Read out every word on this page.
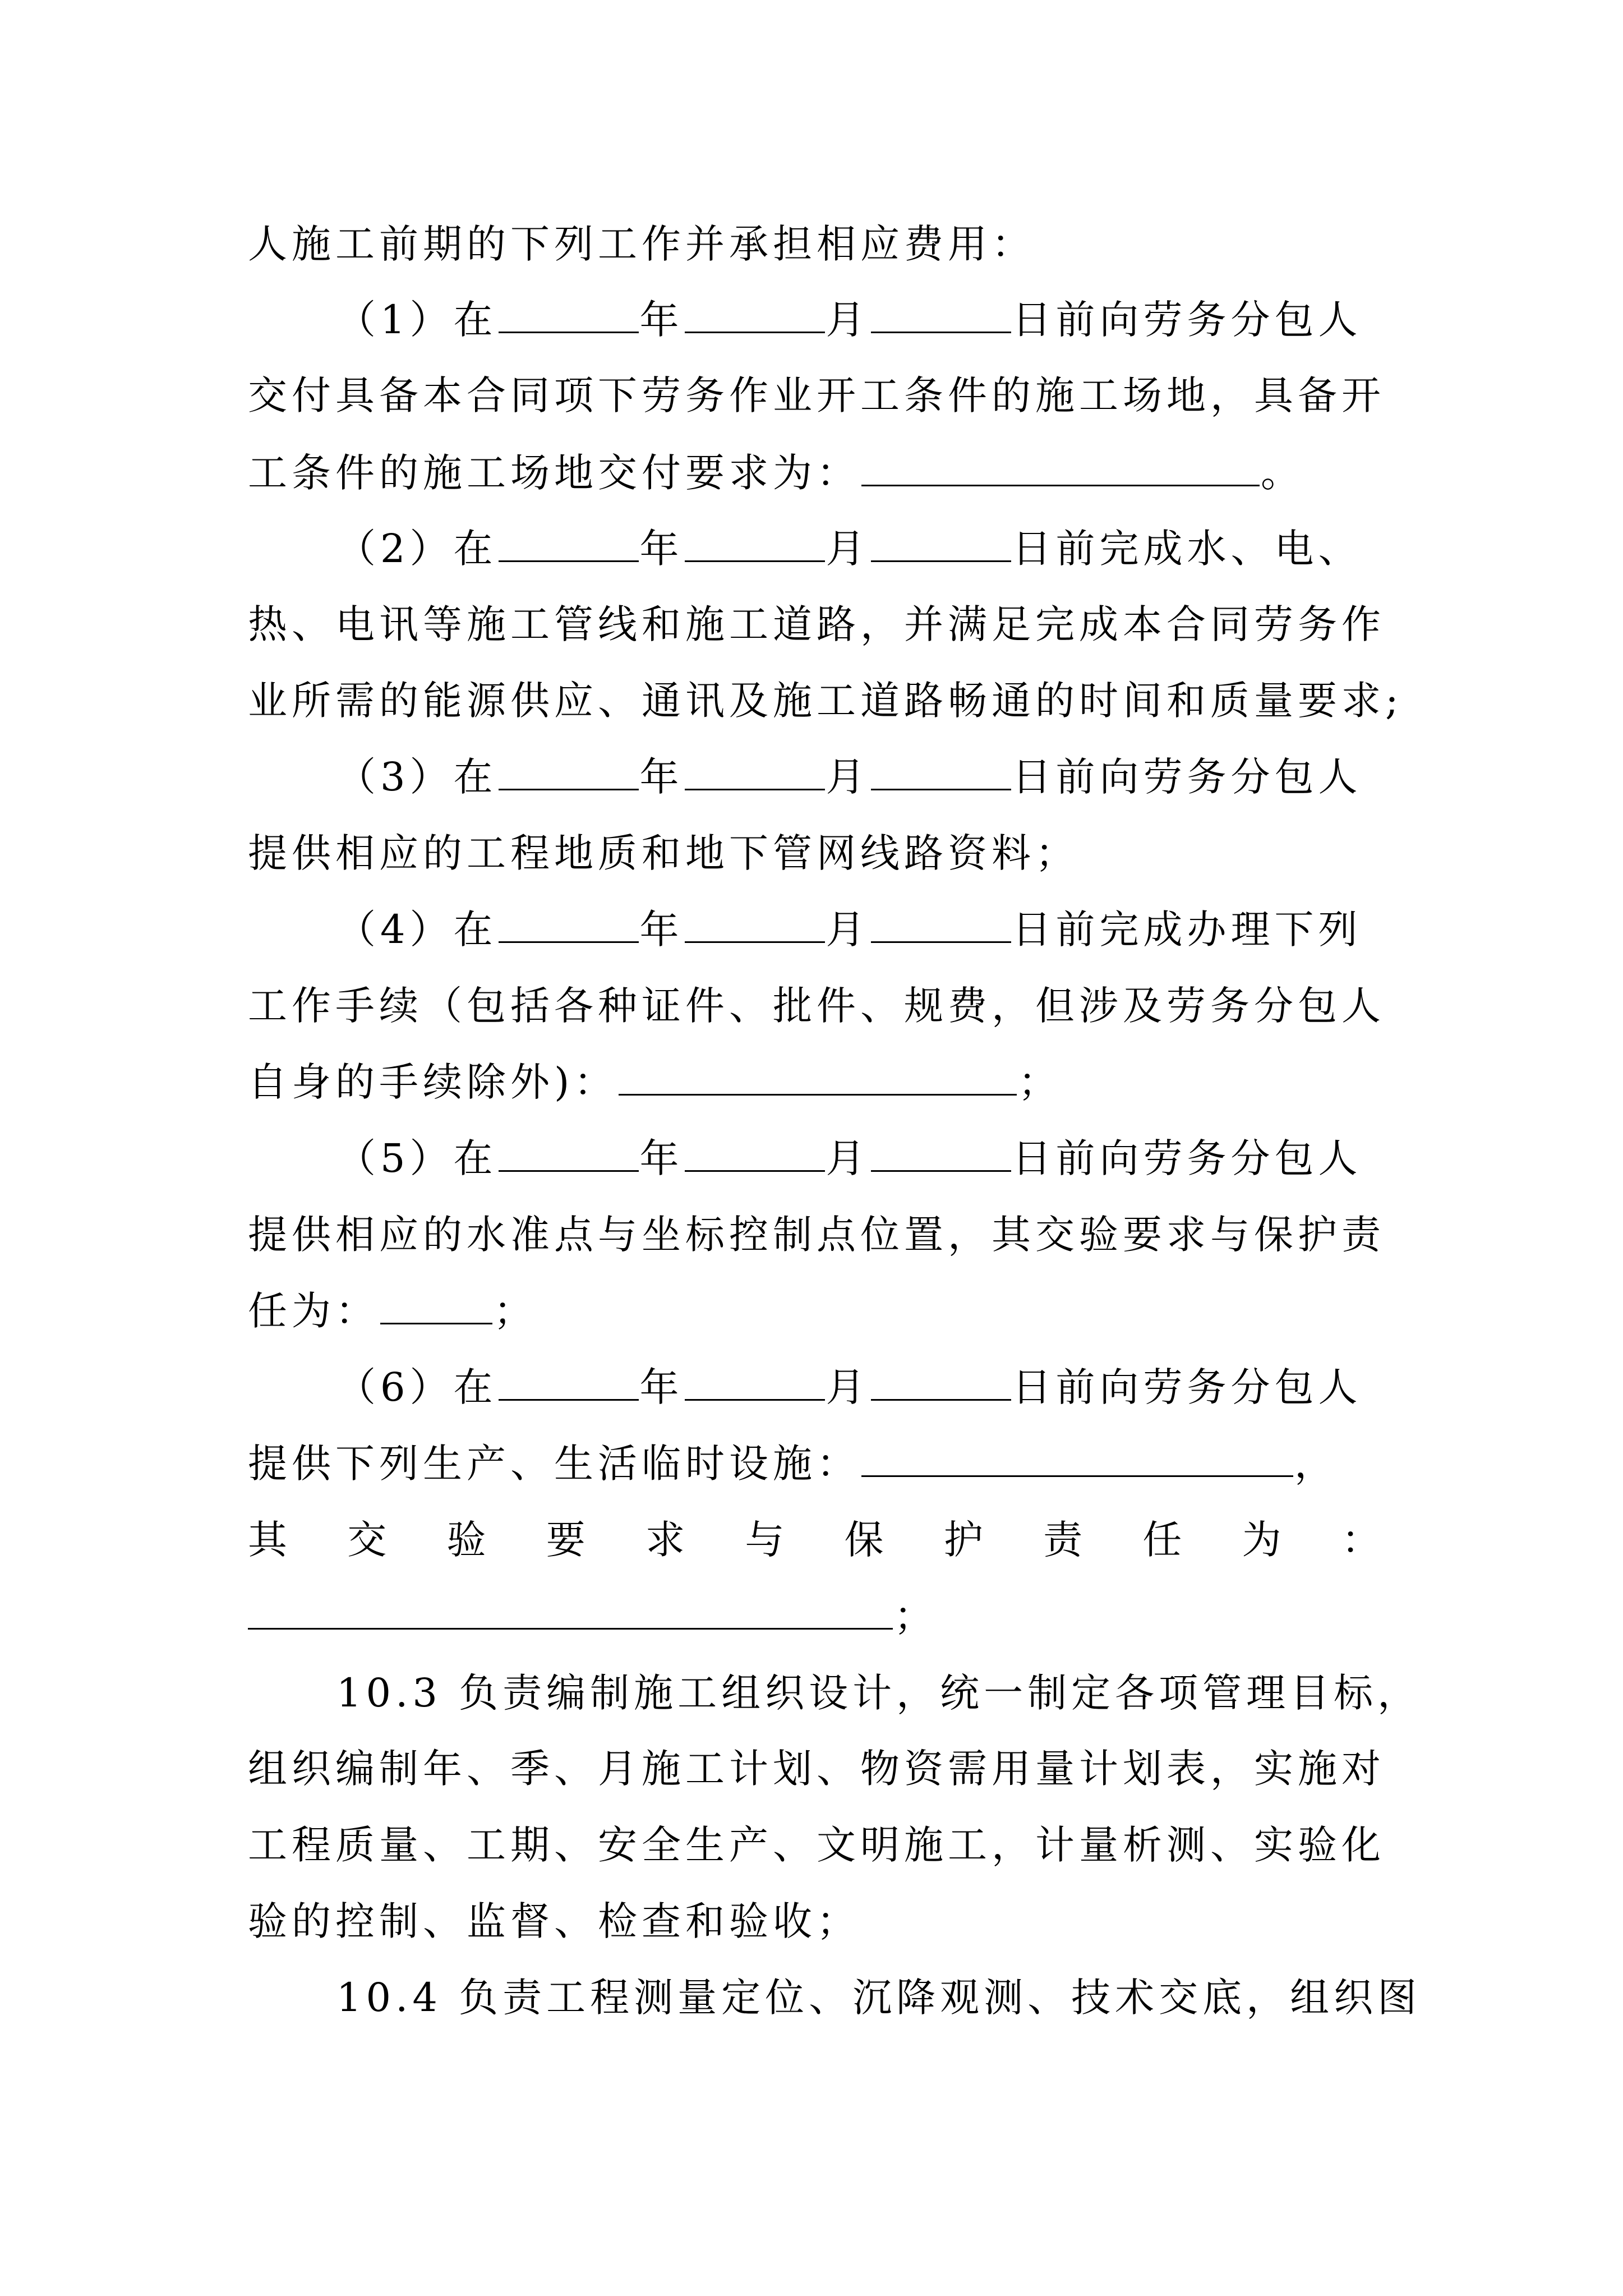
人施工前期的下列工作并承担相应费用：
（1）在	年	月	日前向劳务分包人
交付具备本合同项下劳务作业开工条件的施工场地，具备开
工条件的施工场地交付要求为：	。
（2）在	年	月	日前完成水、电、
热、电讯等施工管线和施工道路，并满足完成本合同劳务作
业所需的能源供应、通讯及施工道路畅通的时间和质量要求;
（3）在	年	月	日前向劳务分包人
提供相应的工程地质和地下管网线路资料；
（4）在	年	月	日前完成办理下列
工作手续（包括各种证件、批件、规费，但涉及劳务分包人
自身的手续除外)：	；
（5）在	年	月	日前向劳务分包人
提供相应的水准点与坐标控制点位置，其交验要求与保护责
任为：	；
（6）在	年	月	日前向劳务分包人
提供下列生产、生活临时设施：	，
其 交 验 要 求 与 保 护 责 任 为 ：
；
10.3 负责编制施工组织设计，统一制定各项管理目标，
组织编制年、季、月施工计划、物资需用量计划表，实施对
工程质量、工期、安全生产、文明施工，计量析测、实验化
验的控制、监督、检查和验收；
10.4 负责工程测量定位、沉降观测、技术交底，组织图
